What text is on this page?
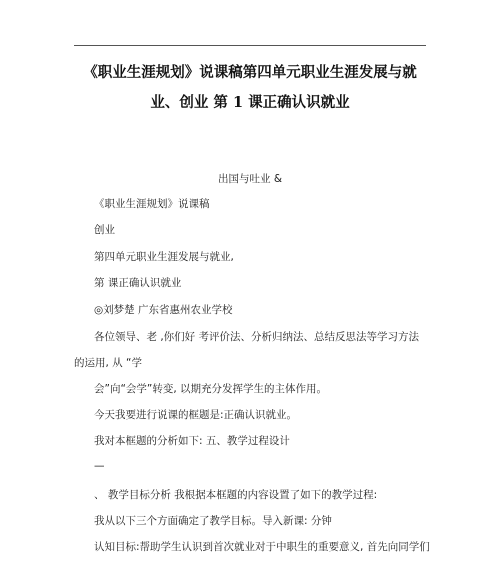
《职业生涯规划》说课稿第四单元职业生涯发展与就
业、创业 第 1 课正确认识就业
出国与吐业 &

《职业生涯规划》说课稿

创业

第四单元职业生涯发展与就业,

第 课正确认识就业

◎刘梦楚 广东省惠州农业学校

各位领导、老 ,你们好 考评价法、分析归纳法、总结反思法等学习方法

的运用, 从 “学

会”向“会学”转变, 以期充分发挥学生的主体作用。

今天我要进行说课的框题是:正确认识就业。

我对本框题的分析如下: 五、教学过程设计

—

、 教学目标分析 我根据本框题的内容设置了如下的教学过程:

我从以下三个方面确定了教学目标。导入新课: 分钟

认知目标:帮助学生认识到首次就业对于中职生的重要意义, 首先向同学们
